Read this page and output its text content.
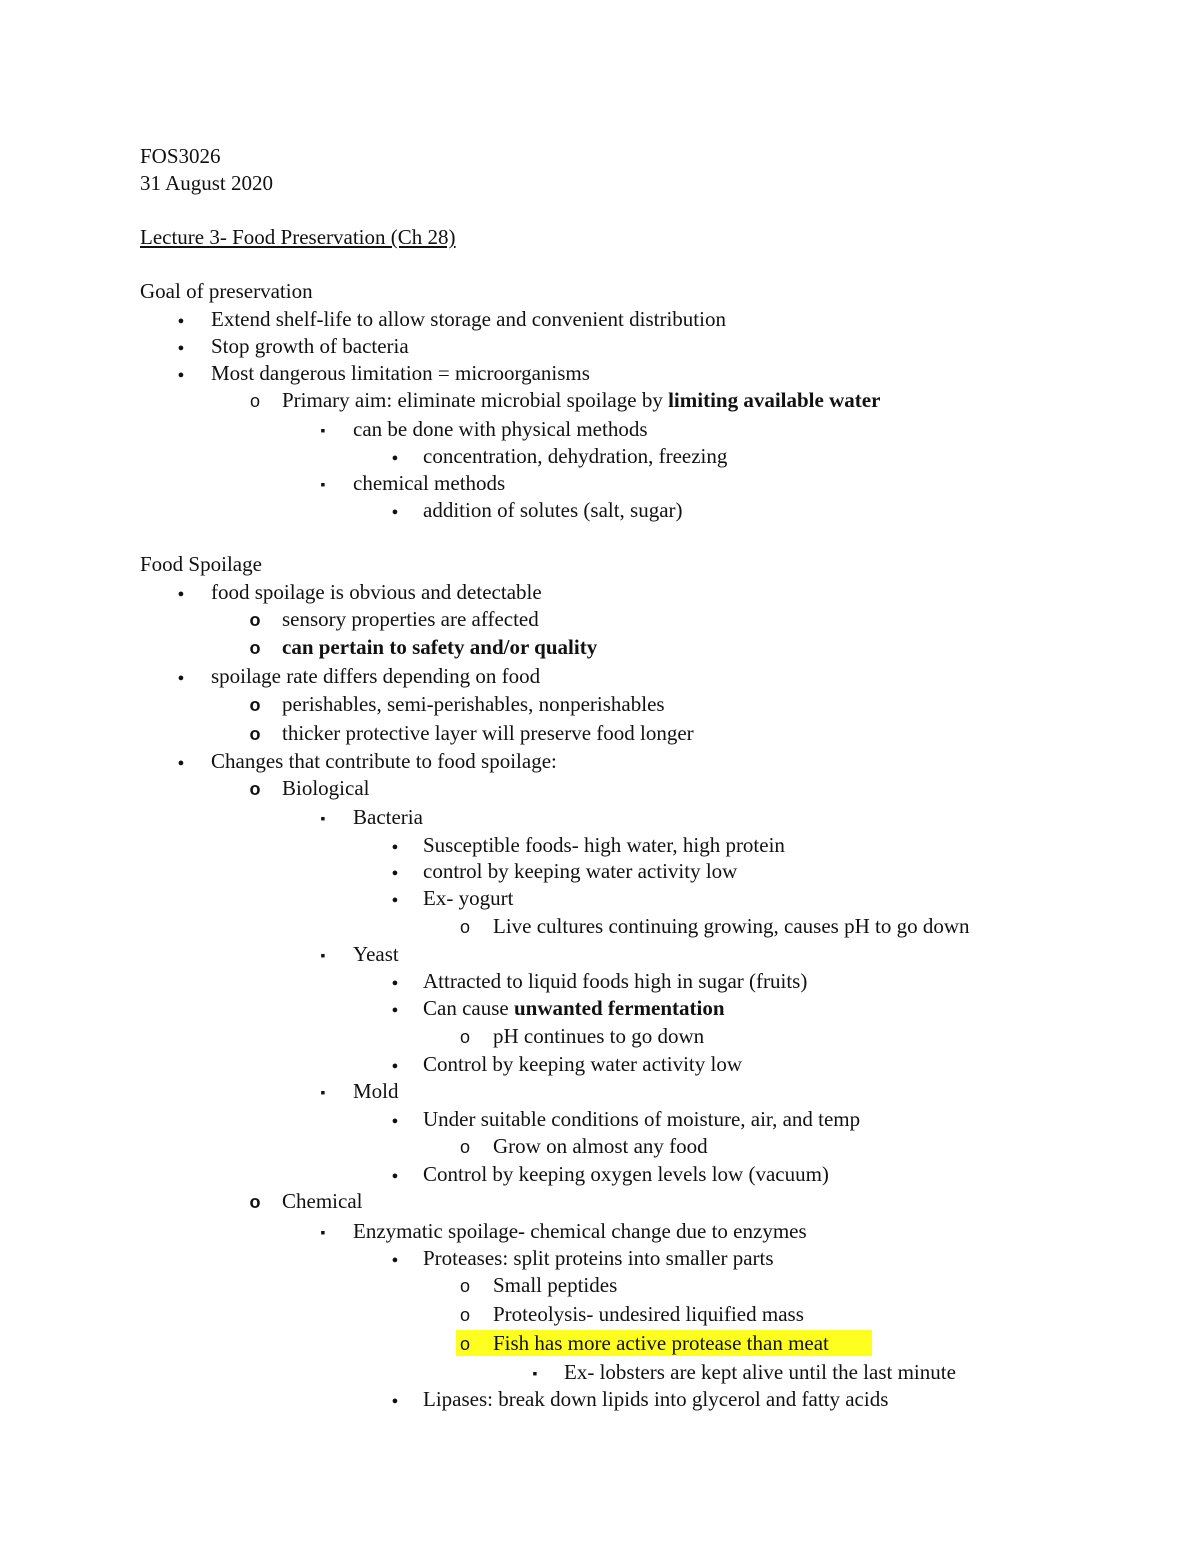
FOS3026
31 August 2020
Lecture 3- Food Preservation (Ch 28)
Goal of preservation
●
Extend shelf-life to allow storage and convenient distribution
●
Stop growth of bacteria
●
Most dangerous limitation = microorganisms
o
Primary aim: eliminate microbial spoilage by limiting available water
▪
can be done with physical methods
●
concentration, dehydration, freezing
▪
chemical methods
●
addition of solutes (salt, sugar)
Food Spoilage
●
food spoilage is obvious and detectable
o
sensory properties are affected
o
can pertain to safety and/or quality
●
spoilage rate differs depending on food
o
perishables, semi-perishables, nonperishables
o
thicker protective layer will preserve food longer
●
Changes that contribute to food spoilage:
o
Biological
▪
Bacteria
●
Susceptible foods- high water, high protein
●
control by keeping water activity low
●
Ex- yogurt
o
Live cultures continuing growing, causes pH to go down
▪
Yeast
●
Attracted to liquid foods high in sugar (fruits)
●
Can cause unwanted fermentation
o
pH continues to go down
●
Control by keeping water activity low
▪
Mold
●
Under suitable conditions of moisture, air, and temp
o
Grow on almost any food
●
Control by keeping oxygen levels low (vacuum)
o
Chemical
▪
Enzymatic spoilage- chemical change due to enzymes
●
Proteases: split proteins into smaller parts
o
Small peptides
o
Proteolysis- undesired liquified mass
o
Fish has more active protease than meat
▪
Ex- lobsters are kept alive until the last minute
●
Lipases: break down lipids into glycerol and fatty acids
